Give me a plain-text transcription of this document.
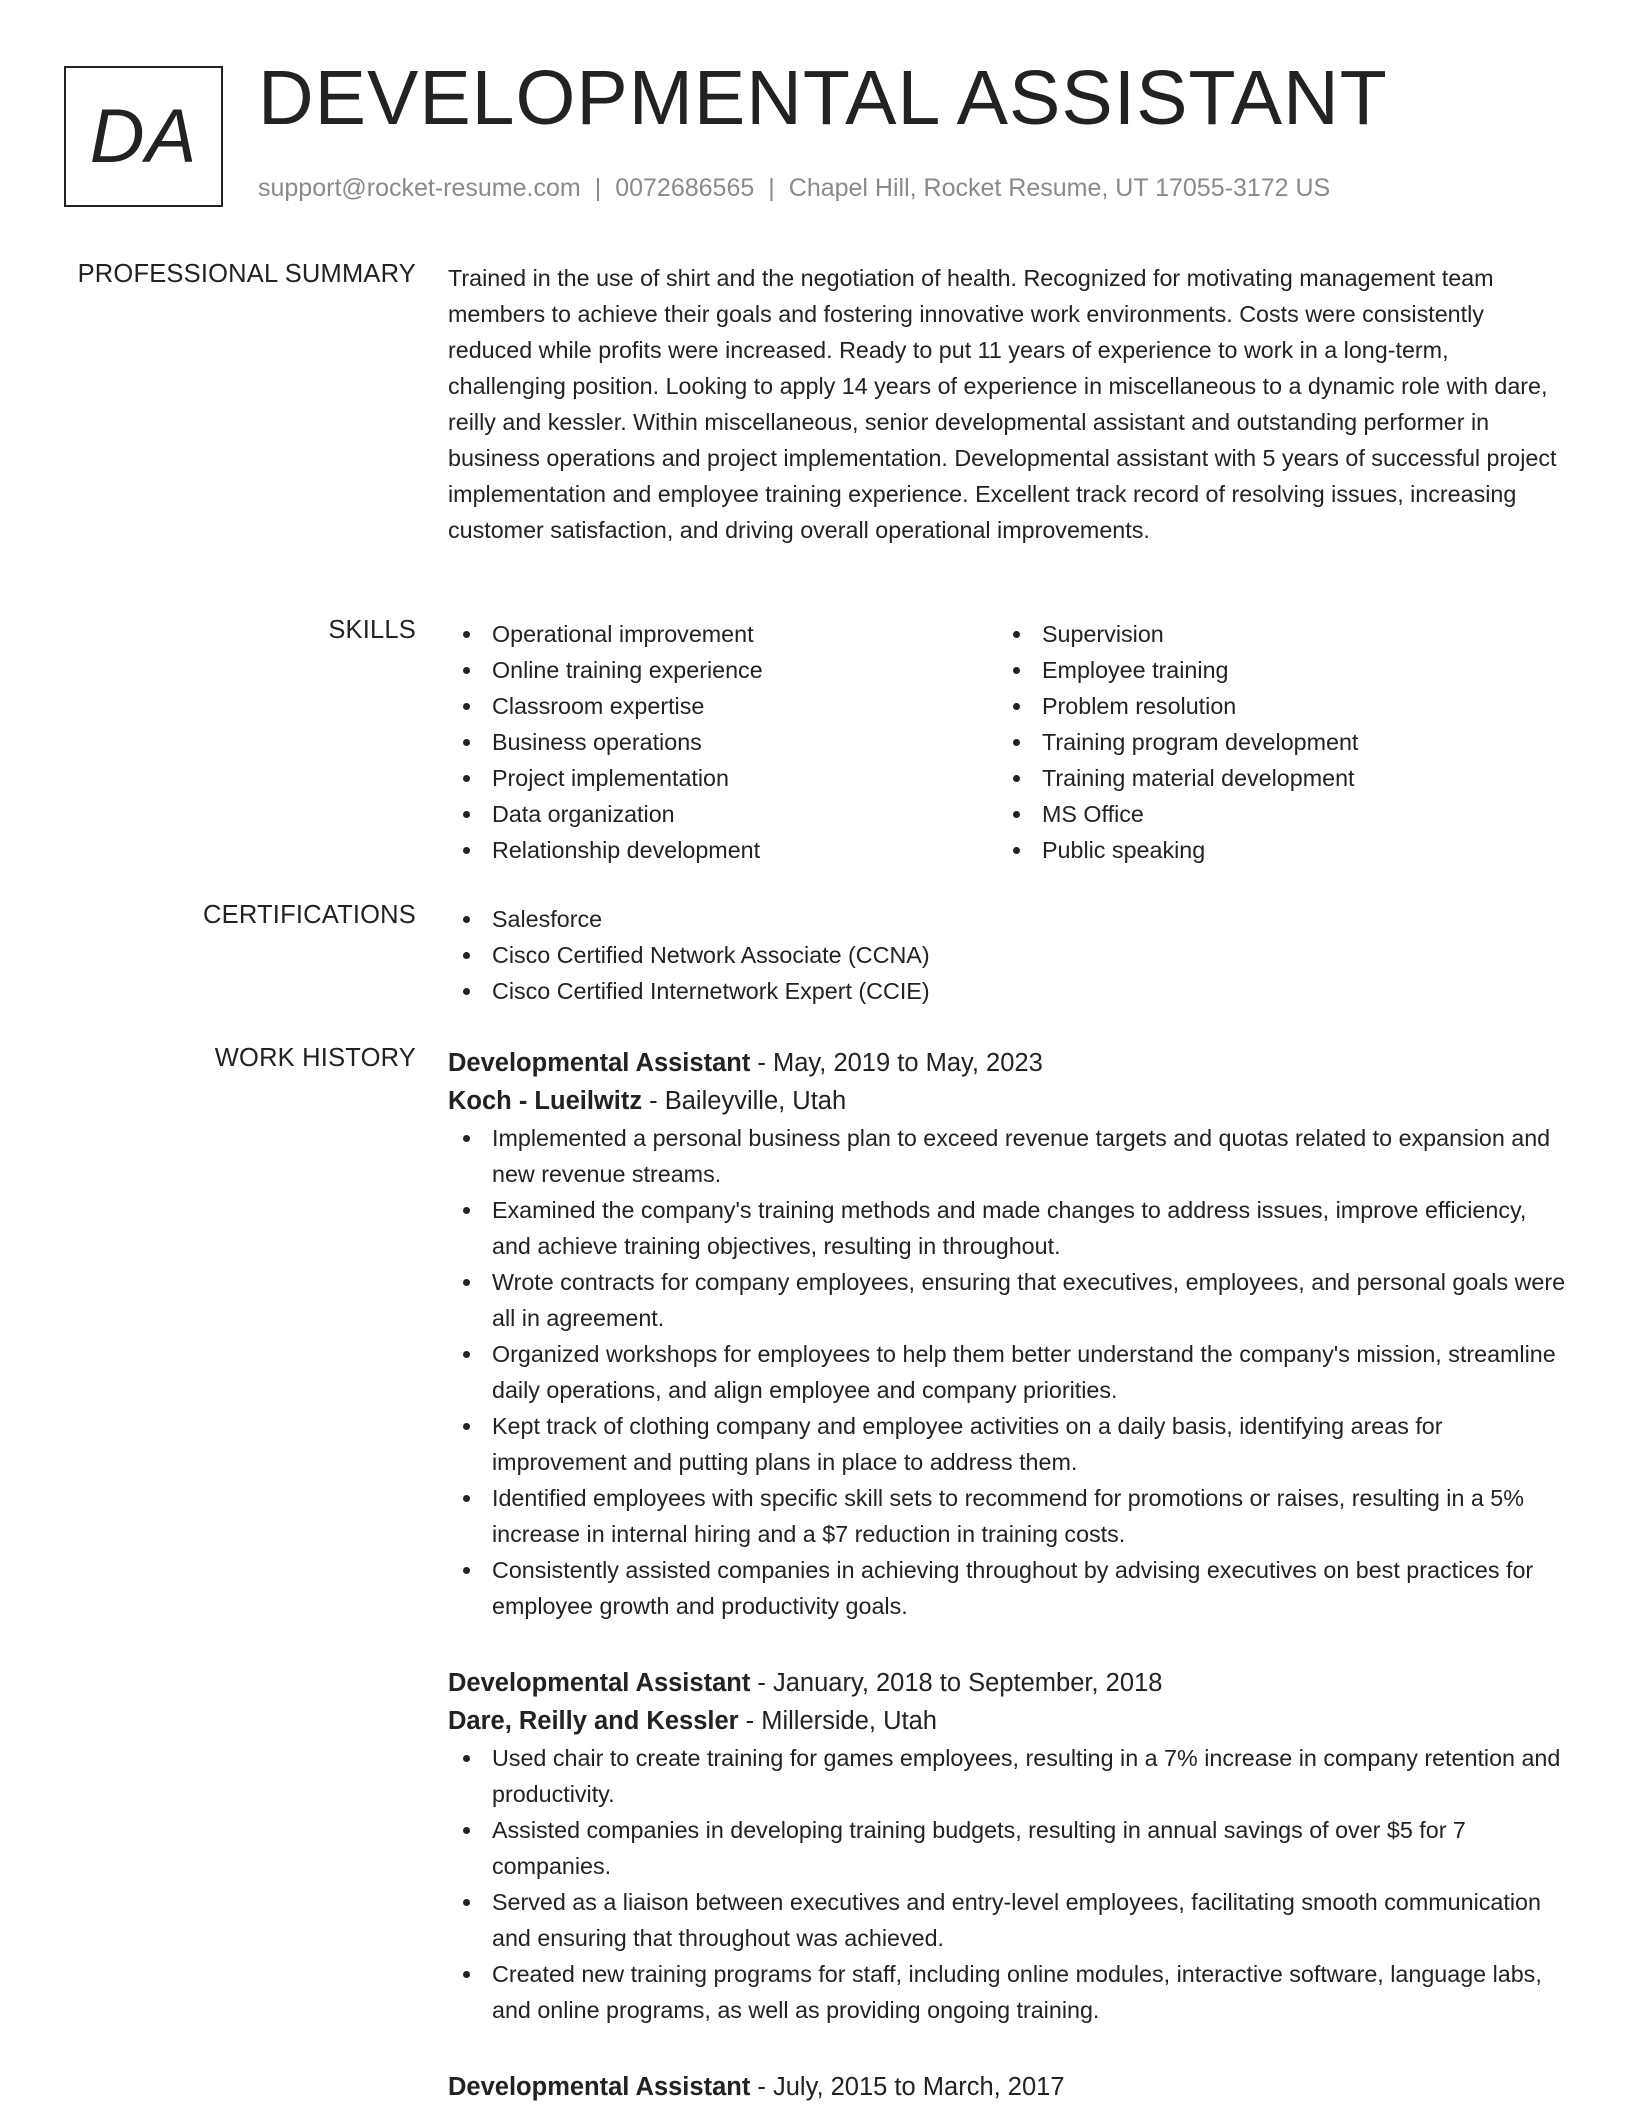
DA DEVELOPMENTAL ASSISTANT
support@rocket-resume.com | 0072686565 | Chapel Hill, Rocket Resume, UT 17055-3172 US
PROFESSIONAL SUMMARY Trained in the use of shirt and the negotiation of health. Recognized for motivating management team members to achieve their goals and fostering innovative work environments. Costs were consistently reduced while profits were increased. Ready to put 11 years of experience to work in a long-term, challenging position. Looking to apply 14 years of experience in miscellaneous to a dynamic role with dare, reilly and kessler. Within miscellaneous, senior developmental assistant and outstanding performer in business operations and project implementation. Developmental assistant with 5 years of successful project implementation and employee training experience. Excellent track record of resolving issues, increasing customer satisfaction, and driving overall operational improvements.
SKILLS	Operational improvement
Online training experience
Classroom expertise
Business operations
Project implementation
Data organization
Relationship development
Supervision
Employee training
Problem resolution
Training program development
Training material development
MS Office
Public speaking
CERTIFICATIONS	Salesforce
Cisco Certified Network Associate (CCNA)
Cisco Certified Internetwork Expert (CCIE)
WORK HISTORY Developmental Assistant - May, 2019 to May, 2023
Koch - Lueilwitz - Baileyville, Utah
Implemented a personal business plan to exceed revenue targets and quotas related to expansion and new revenue streams.
Examined the company's training methods and made changes to address issues, improve efficiency, and achieve training objectives, resulting in throughout.
Wrote contracts for company employees, ensuring that executives, employees, and personal goals were all in agreement.
Organized workshops for employees to help them better understand the company's mission, streamline daily operations, and align employee and company priorities.
Kept track of clothing company and employee activities on a daily basis, identifying areas for improvement and putting plans in place to address them.
Identified employees with specific skill sets to recommend for promotions or raises, resulting in a 5% increase in internal hiring and a $7 reduction in training costs.
Consistently assisted companies in achieving throughout by advising executives on best practices for employee growth and productivity goals.
Developmental Assistant - January, 2018 to September, 2018
Dare, Reilly and Kessler - Millerside, Utah
Used chair to create training for games employees, resulting in a 7% increase in company retention and productivity.
Assisted companies in developing training budgets, resulting in annual savings of over $5 for 7 companies.
Served as a liaison between executives and entry-level employees, facilitating smooth communication and ensuring that throughout was achieved.
Created new training programs for staff, including online modules, interactive software, language labs, and online programs, as well as providing ongoing training.
Developmental Assistant - July, 2015 to March, 2017
